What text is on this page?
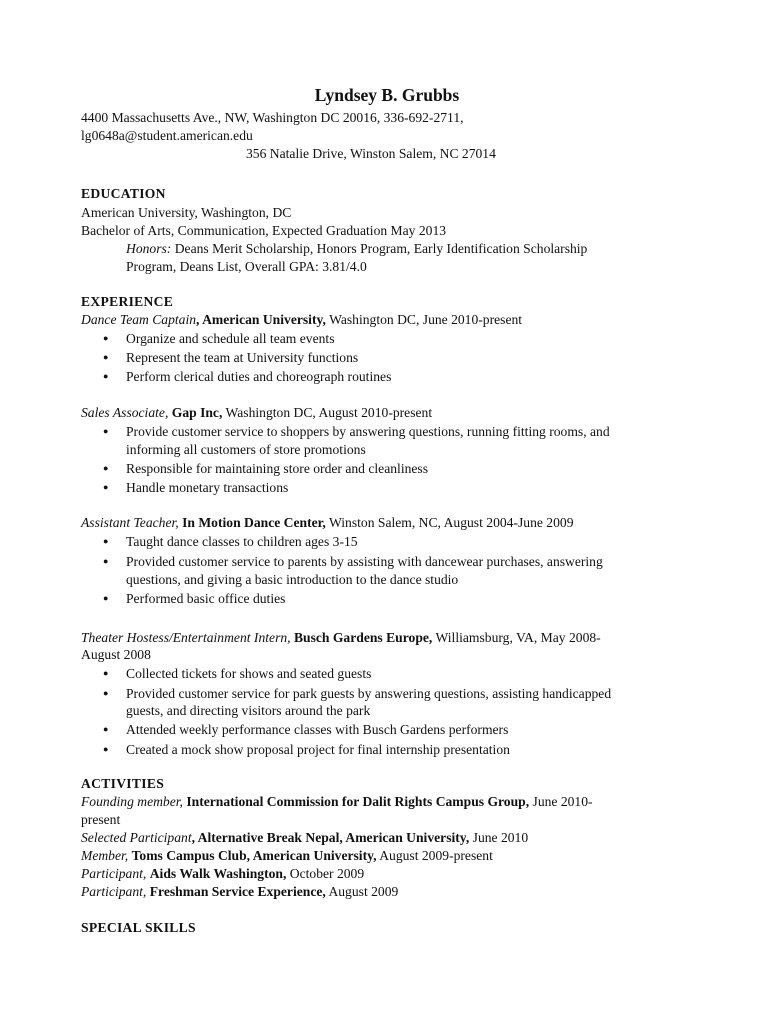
Lyndsey B. Grubbs
4400 Massachusetts Ave., NW, Washington DC 20016, 336-692-2711,
lg0648a@student.american.edu
356 Natalie Drive, Winston Salem, NC 27014
EDUCATION
American University, Washington, DC
Bachelor of Arts, Communication, Expected Graduation May 2013
Honors: Deans Merit Scholarship, Honors Program, Early Identification Scholarship
Program, Deans List, Overall GPA: 3.81/4.0
EXPERIENCE
Dance Team Captain, American University, Washington DC, June 2010-present
●
Organize and schedule all team events
●
Represent the team at University functions
●
Perform clerical duties and choreograph routines
Sales Associate, Gap Inc, Washington DC, August 2010-present
●
Provide customer service to shoppers by answering questions, running fitting rooms, and
informing all customers of store promotions
●
Responsible for maintaining store order and cleanliness
●
Handle monetary transactions
Assistant Teacher, In Motion Dance Center, Winston Salem, NC, August 2004-June 2009
●
Taught dance classes to children ages 3-15
●
Provided customer service to parents by assisting with dancewear purchases, answering
questions, and giving a basic introduction to the dance studio
●
Performed basic office duties
Theater Hostess/Entertainment Intern, Busch Gardens Europe, Williamsburg, VA, May 2008-
August 2008
●
Collected tickets for shows and seated guests
●
Provided customer service for park guests by answering questions, assisting handicapped
guests, and directing visitors around the park
●
Attended weekly performance classes with Busch Gardens performers
●
Created a mock show proposal project for final internship presentation
ACTIVITIES
Founding member, International Commission for Dalit Rights Campus Group, June 2010-
present
Selected Participant, Alternative Break Nepal, American University, June 2010
Member, Toms Campus Club, American University, August 2009-present
Participant, Aids Walk Washington, October 2009
Participant, Freshman Service Experience, August 2009
SPECIAL SKILLS
